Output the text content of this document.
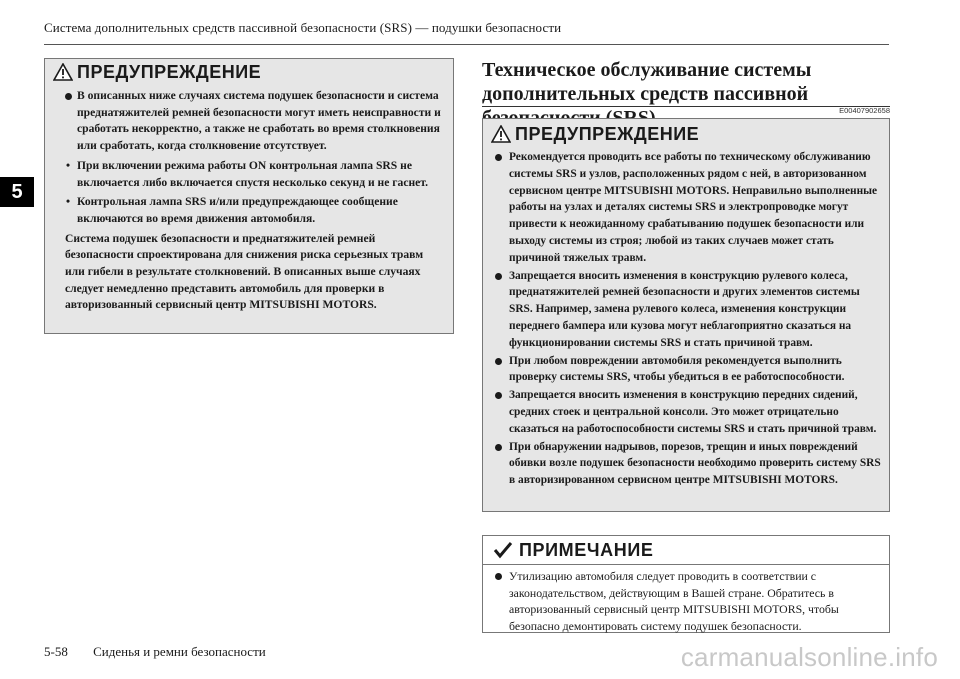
Система дополнительных средств пассивной безопасности (SRS) — подушки безопасности
5
ПРЕДУПРЕЖДЕНИЕ

В описанных ниже случаях система подушек безопасности и система преднатяжителей ремней безопасности могут иметь неисправности и сработать некорректно, а также не сработать во время столкновения или сработать, когда столкновение отсутствует.

• При включении режима работы ON контрольная лампа SRS не включается либо включается спустя несколько секунд и не гаснет.

• Контрольная лампа SRS и/или предупреждающее сообщение включаются во время движения автомобиля.

Система подушек безопасности и преднатяжителей ремней безопасности спроектирована для снижения риска серьезных травм или гибели в результате столкновений. В описанных выше случаях следует немедленно представить автомобиль для проверки в авторизованный сервисный центр MITSUBISHI MOTORS.

Техническое обслуживание системы дополнительных средств пассивной
E00407902658
ПРЕДУПРЕЖДЕНИЕ

Рекомендуется проводить все работы по техническому обслуживанию системы SRS и узлов, расположенных рядом с ней, в авторизованном сервисном центре MITSUBISHI MOTORS. Неправильно выполненные работы на узлах и деталях системы SRS и электропроводке могут привести к неожиданному срабатыванию подушек безопасности или выходу системы из строя; любой из таких случаев может стать причиной тяжелых травм.

Запрещается вносить изменения в конструкцию рулевого колеса, преднатяжителей ремней безопасности и других элементов системы SRS. Например, замена рулевого колеса, изменения конструкции переднего бампера или кузова могут неблагоприятно сказаться на функционировании системы SRS и стать причиной травм.

При любом повреждении автомобиля рекомендуется выполнить проверку системы SRS, чтобы убедиться в ее работоспособности.

Запрещается вносить изменения в конструкцию передних сидений, средних стоек и центральной консоли. Это может отрицательно сказаться на работоспособности системы SRS и стать причиной травм.

При обнаружении надрывов, порезов, трещин и иных повреждений обивки возле подушек безопасности необходимо проверить систему SRS в авторизированном сервисном центре MITSUBISHI MOTORS.

ПРИМЕЧАНИЕ

Утилизацию автомобиля следует проводить в соответствии с законодательством, действующим в Вашей стране. Обратитесь в авторизованный сервисный центр MITSUBISHI MOTORS, чтобы безопасно демонтировать систему подушек безопасности.

5-58 Сиденья и ремни безопасности	carmanualsonline.info
